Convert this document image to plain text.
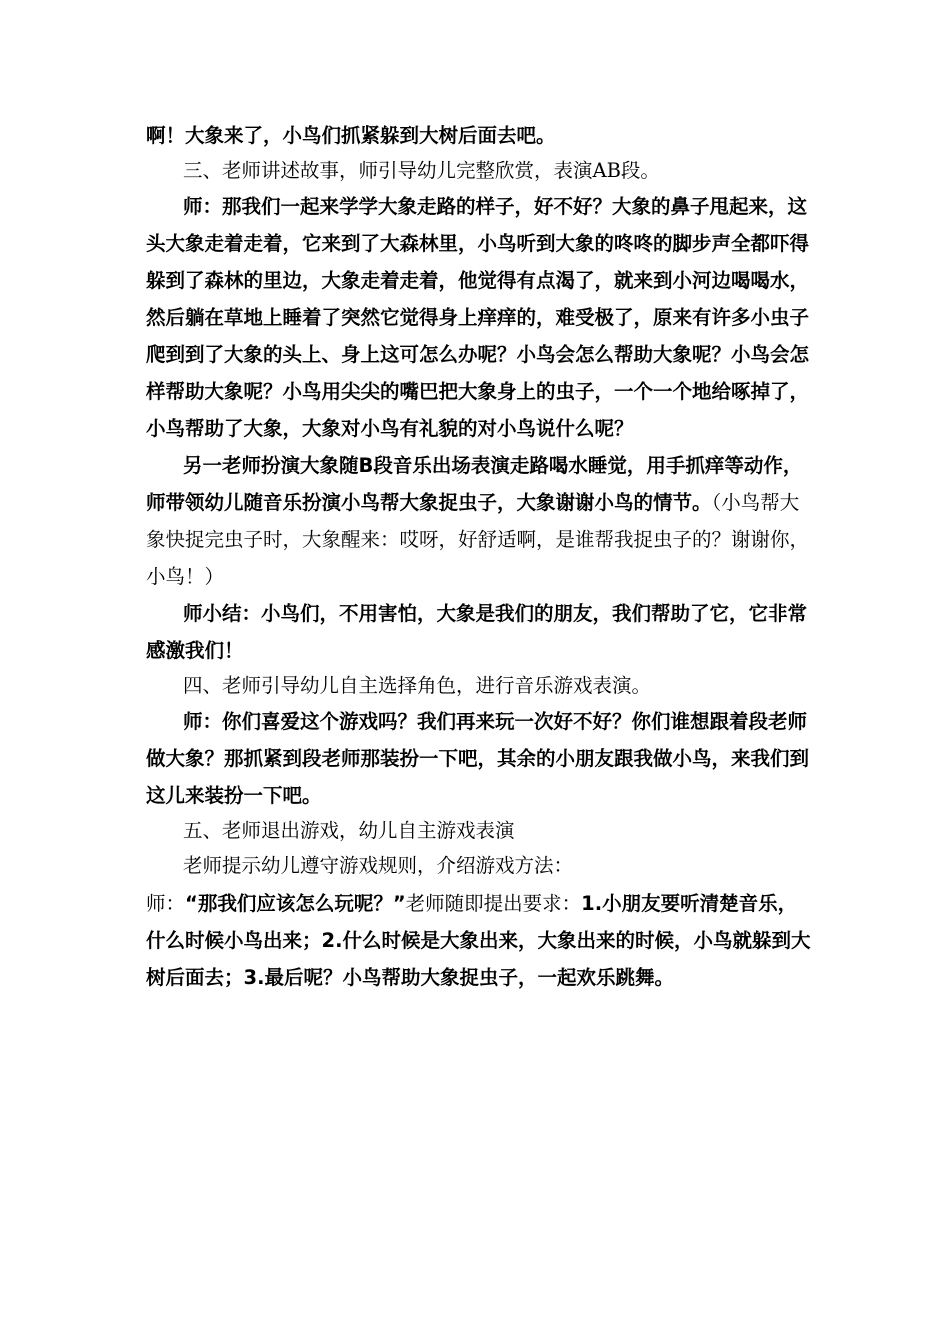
啊！大象来了，小鸟们抓紧躲到大树后面去吧。
三、老师讲述故事，师引导幼儿完整欣赏，表演AB段。
师：那我们一起来学学大象走路的样子，好不好？大象的鼻子甩起来，这
头大象走着走着，它来到了大森林里，小鸟听到大象的咚咚的脚步声全都吓得
躲到了森林的里边，大象走着走着，他觉得有点渴了，就来到小河边喝喝水，
然后躺在草地上睡着了突然它觉得身上痒痒的，难受极了，原来有许多小虫子
爬到到了大象的头上、身上这可怎么办呢？小鸟会怎么帮助大象呢？小鸟会怎
样帮助大象呢？小鸟用尖尖的嘴巴把大象身上的虫子，一个一个地给啄掉了，
小鸟帮助了大象，大象对小鸟有礼貌的对小鸟说什么呢？
另一老师扮演大象随B段音乐出场表演走路喝水睡觉，用手抓痒等动作，
师带领幼儿随音乐扮演小鸟帮大象捉虫子，大象谢谢小鸟的情节。（小鸟帮大
象快捉完虫子时，大象醒来：哎呀，好舒适啊，是谁帮我捉虫子的？谢谢你，
小鸟！）
师小结：小鸟们，不用害怕，大象是我们的朋友，我们帮助了它，它非常
感激我们！
四、老师引导幼儿自主选择角色，进行音乐游戏表演。
师：你们喜爱这个游戏吗？我们再来玩一次好不好？你们谁想跟着段老师
做大象？那抓紧到段老师那装扮一下吧，其余的小朋友跟我做小鸟，来我们到
这儿来装扮一下吧。
五、老师退出游戏，幼儿自主游戏表演
老师提示幼儿遵守游戏规则，介绍游戏方法：
师：“那我们应该怎么玩呢？”老师随即提出要求：1.小朋友要听清楚音乐，
什么时候小鸟出来；2.什么时候是大象出来，大象出来的时候，小鸟就躲到大
树后面去；3.最后呢？小鸟帮助大象捉虫子，一起欢乐跳舞。
